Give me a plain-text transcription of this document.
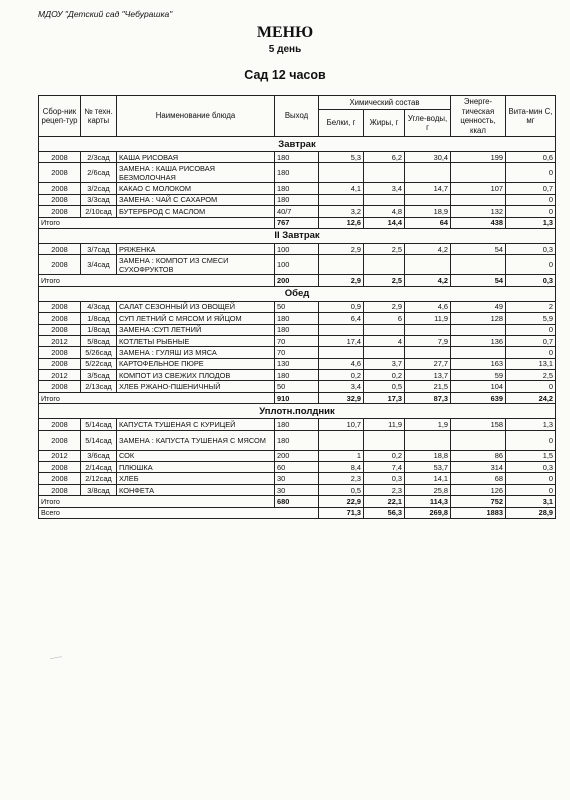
МДОУ "Детский сад "Чебурашка"
МЕНЮ
5 день
Сад 12 часов
Сбор-ник рецеп-тур	№ техн. карты	Наименование блюда	Выход	Химический состав			Энерге-тическая ценность, ккал	Вита-мин С, мг
				Белки, г	Жиры, г	Угле-воды, г		
Завтрак								
2008	2/3сад	КАША РИСОВАЯ	180	5,3	6,2	30,4	199	0,6
2008	2/6сад	ЗАМЕНА : КАША РИСОВАЯ БЕЗМОЛОЧНАЯ	180					0
2008	3/2сад	КАКАО С МОЛОКОМ	180	4,1	3,4	14,7	107	0,7
2008	3/3сад	ЗАМЕНА : ЧАЙ С САХАРОМ	180					0
2008	2/10сад	БУТЕРБРОД С МАСЛОМ	40/7	3,2	4,8	18,9	132	0
Итого			767	12,6	14,4	64	438	1,3
II Завтрак								
2008	3/7сад	РЯЖЕНКА	100	2,9	2,5	4,2	54	0,3
2008	3/4сад	ЗАМЕНА : КОМПОТ ИЗ СМЕСИ СУХОФРУКТОВ	100					0
Итого			200	2,9	2,5	4,2	54	0,3
Обед								
2008	4/3сад	САЛАТ СЕЗОННЫЙ ИЗ ОВОЩЕЙ	50	0,9	2,9	4,6	49	2
2008	1/8сад	СУП ЛЕТНИЙ С МЯСОМ И ЯЙЦОМ	180	6,4	6	11,9	128	5,9
2008	1/8сад	ЗАМЕНА :СУП ЛЕТНИЙ	180					0
2012	5/8сад	КОТЛЕТЫ РЫБНЫЕ	70	17,4	4	7,9	136	0,7
2008	5/26сад	ЗАМЕНА : ГУЛЯШ ИЗ МЯСА	70					0
2008	5/22сад	КАРТОФЕЛЬНОЕ ПЮРЕ	130	4,6	3,7	27,7	163	13,1
2012	3/5сад	КОМПОТ ИЗ СВЕЖИХ ПЛОДОВ	180	0,2	0,2	13,7	59	2,5
2008	2/13сад	ХЛЕБ РЖАНО-ПШЕНИЧНЫЙ	50	3,4	0,5	21,5	104	0
Итого			910	32,9	17,3	87,3	639	24,2
Уплотн.полдник								
2008	5/14сад	КАПУСТА ТУШЕНАЯ С КУРИЦЕЙ	180	10,7	11,9	1,9	158	1,3
2008	5/14сад	ЗАМЕНА : КАПУСТА ТУШЕНАЯ С МЯСОМ	180					0
2012	3/6сад	СОК	200	1	0,2	18,8	86	1,5
2008	2/14сад	ПЛЮШКА	60	8,4	7,4	53,7	314	0,3
2008	2/12сад	ХЛЕБ	30	2,3	0,3	14,1	68	0
2008	3/8сад	КОНФЕТА	30	0,5	2,3	25,8	126	0
Итого			680	22,9	22,1	114,3	752	3,1
Всего				71,3	56,3	269,8	1883	28,9
~~~
